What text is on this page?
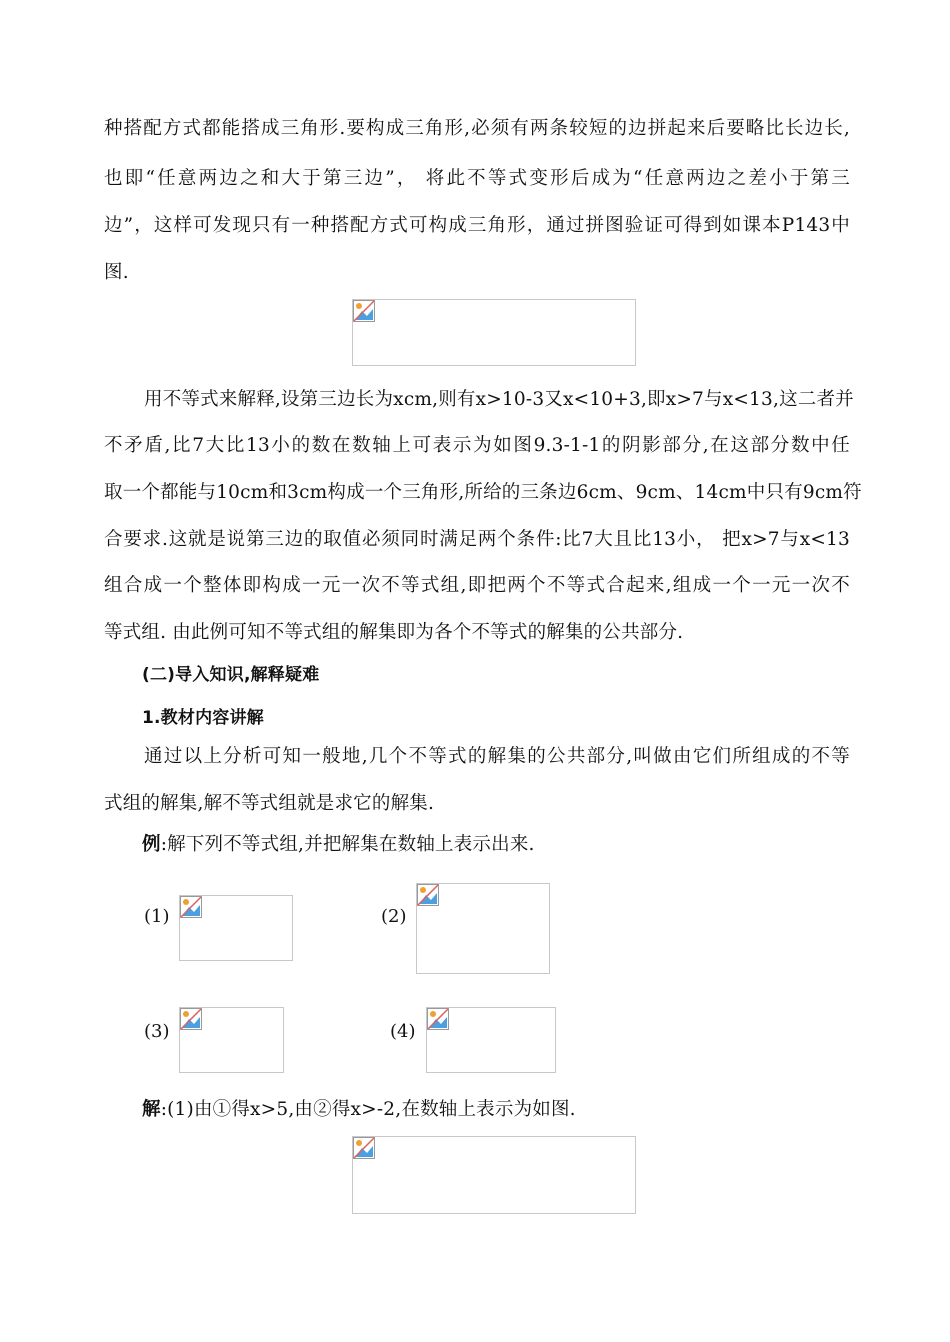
种搭配方式都能搭成三角形.要构成三角形,必须有两条较短的边拼起来后要略比长边长,
也即“任意两边之和大于第三边”， 将此不等式变形后成为“任意两边之差小于第三
边”，这样可发现只有一种搭配方式可构成三角形，通过拼图验证可得到如课本P143中
图.
用不等式来解释,设第三边长为xcm,则有x>10-3又x<10+3,即x>7与x<13,这二者并
不矛盾,比7大比13小的数在数轴上可表示为如图9.3-1-1的阴影部分,在这部分数中任
取一个都能与10cm和3cm构成一个三角形,所给的三条边6cm、9cm、14cm中只有9cm符
合要求.这就是说第三边的取值必须同时满足两个条件:比7大且比13小， 把x>7与x<13
组合成一个整体即构成一元一次不等式组,即把两个不等式合起来,组成一个一元一次不
等式组. 由此例可知不等式组的解集即为各个不等式的解集的公共部分.
(二)导入知识,解释疑难
1.教材内容讲解
通过以上分析可知一般地,几个不等式的解集的公共部分,叫做由它们所组成的不等
式组的解集,解不等式组就是求它的解集.
例:解下列不等式组,并把解集在数轴上表示出来.
(1)	(2)
(3)	(4)
解:(1)由①得x>5,由②得x>-2,在数轴上表示为如图.
